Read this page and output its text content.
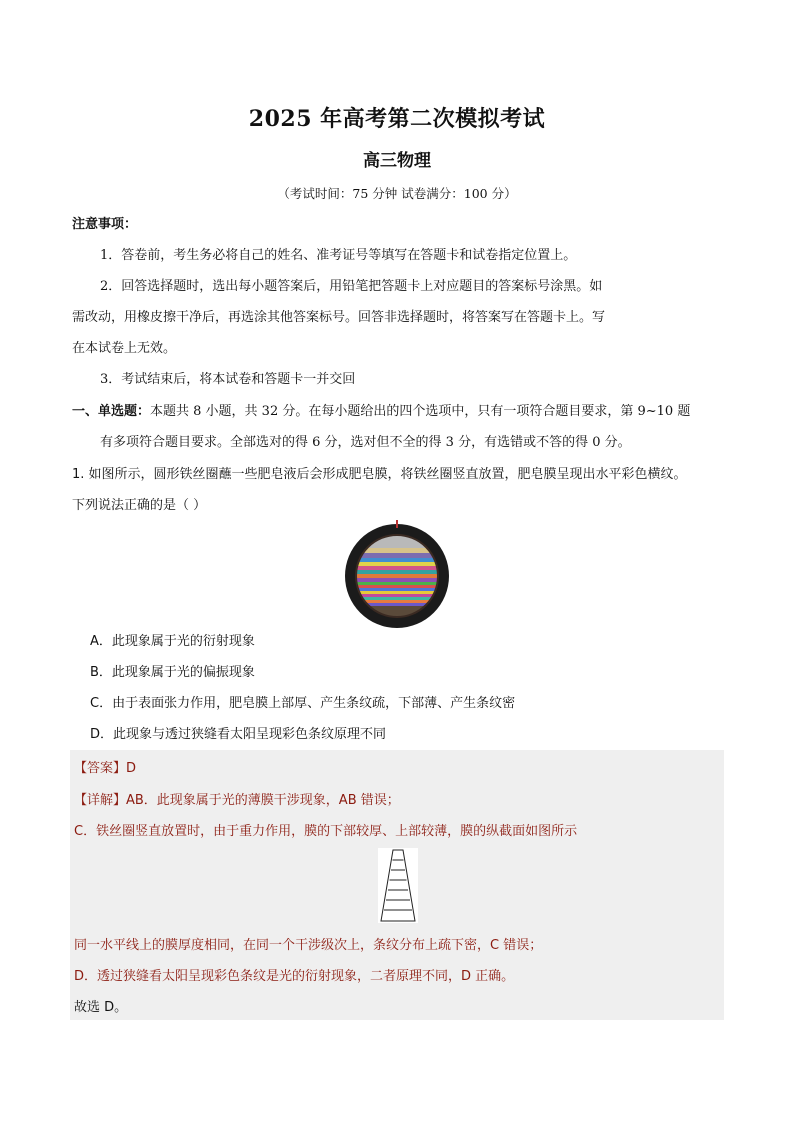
2025 年高考第二次模拟考试
高三物理
（考试时间：75 分钟 试卷满分：100 分）
注意事项：
1．答卷前，考生务必将自己的姓名、准考证号等填写在答题卡和试卷指定位置上。
2．回答选择题时，选出每小题答案后，用铅笔把答题卡上对应题目的答案标号涂黑。如
需改动，用橡皮擦干净后，再选涂其他答案标号。回答非选择题时，将答案写在答题卡上。写
在本试卷上无效。
3．考试结束后，将本试卷和答题卡一并交回
一、单选题：本题共 8 小题，共 32 分。在每小题给出的四个选项中，只有一项符合题目要求，第 9~10 题
有多项符合题目要求。全部选对的得 6 分，选对但不全的得 3 分，有选错或不答的得 0 分。
1. 如图所示，圆形铁丝圈蘸一些肥皂液后会形成肥皂膜，将铁丝圈竖直放置，肥皂膜呈现出水平彩色横纹。
下列说法正确的是（ ）
A．此现象属于光的衍射现象
B．此现象属于光的偏振现象
C．由于表面张力作用，肥皂膜上部厚、产生条纹疏，下部薄、产生条纹密
D．此现象与透过狭缝看太阳呈现彩色条纹原理不同
【答案】D
【详解】AB．此现象属于光的薄膜干涉现象，AB 错误；
C．铁丝圈竖直放置时，由于重力作用，膜的下部较厚、上部较薄，膜的纵截面如图所示
同一水平线上的膜厚度相同，在同一个干涉级次上，条纹分布上疏下密，C 错误；
D．透过狭缝看太阳呈现彩色条纹是光的衍射现象，二者原理不同，D 正确。
故选 D。
